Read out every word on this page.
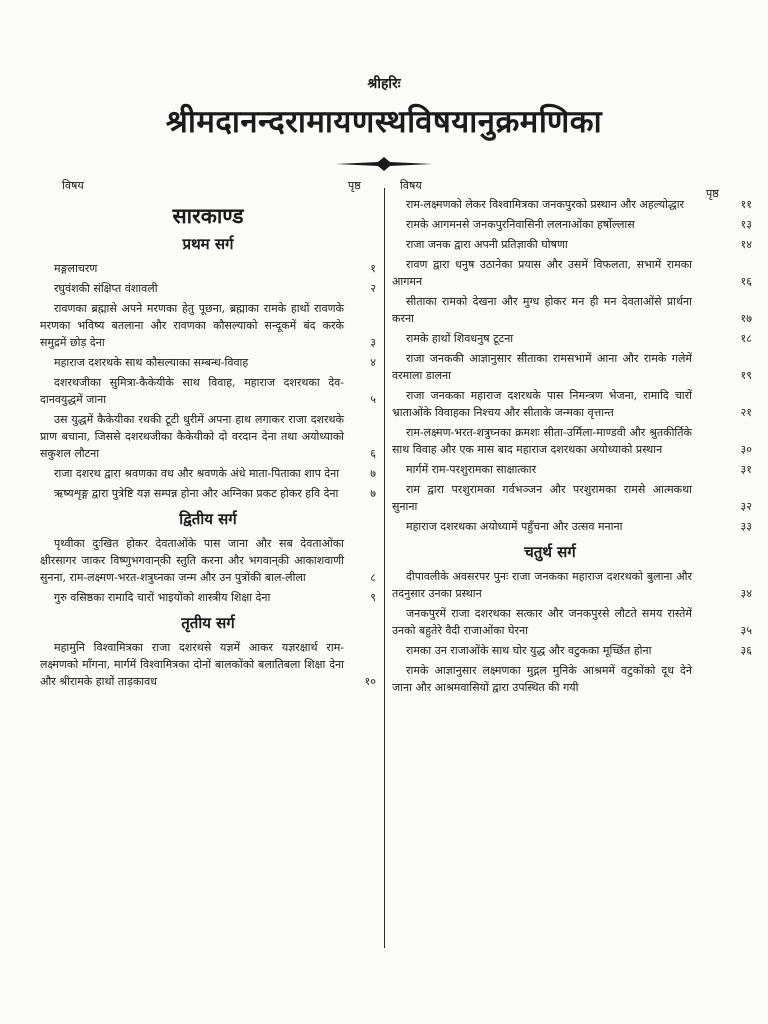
श्रीहरिः
श्रीमदानन्दरामायणस्थविषयानुक्रमणिका
विषय	पृष्ठ	विषय
पृष्ठ
सारकाण्ड
प्रथम सर्ग
मङ्गलाचरण	१
रघुवंशकी संक्षिप्त वंशावली	२
रावणका ब्रह्मासे अपने मरणका हेतु पूछना, ब्रह्माका रामके हाथों रावणके मरणका भविष्य बतलाना और रावणका कौसल्याको सन्दूकमें बंद करके समुद्रमें छोड़ देना	३
महाराज दशरथके साथ कौसल्याका सम्बन्ध-विवाह	४
दशरथजीका सुमित्रा-कैकेयीके साथ विवाह, महाराज दशरथका देव-दानवयुद्धमें जाना	५
उस युद्धमें कैकेयीका रथकी टूटी धुरीमें अपना हाथ लगाकर राजा दशरथके प्राण बचाना, जिससे दशरथजीका कैकेयीको दो वरदान देना तथा अयोध्याको सकुशल लौटना	६
राजा दशरथ द्वारा श्रवणका वध और श्रवणके अंधे माता-पिताका शाप देना	७
ऋष्यशृङ्ग द्वारा पुत्रेष्टि यज्ञ सम्पन्न होना और अग्निका प्रकट होकर हवि देना	७
द्वितीय सर्ग
पृथ्वीका दुःखित होकर देवताओंके पास जाना और सब देवताओंका क्षीरसागर जाकर विष्णुभगवान्‌की स्तुति करना और भगवान्‌की आकाशवाणी सुनना, राम-लक्ष्मण-भरत-शत्रुघ्नका जन्म और उन पुत्रोंकी बाल-लीला	८
गुरु वसिष्ठका रामादि चारों भाइयोंको शास्त्रीय शिक्षा देना	९
तृतीय सर्ग
महामुनि विश्वामित्रका राजा दशरथसे यज्ञमें आकर यज्ञरक्षार्थ राम-लक्ष्मणको माँगना, मार्गमें विश्वामित्रका दोनों बालकोंको बलातिबला शिक्षा देना और श्रीरामके हाथों ताड़कावध	१०
राम-लक्ष्मणको लेकर विश्वामित्रका जनकपुरको प्रस्थान और अहल्योद्धार	११
रामके आगमनसे जनकपुरनिवासिनी ललनाओंका हर्षोल्लास	१३
राजा जनक द्वारा अपनी प्रतिज्ञाकी घोषणा	१४
रावण द्वारा धनुष उठानेका प्रयास और उसमें विफलता, सभामें रामका आगमन	१६
सीताका रामको देखना और मुग्ध होकर मन ही मन देवताओंसे प्रार्थना करना	१७
रामके हाथों शिवधनुष टूटना	१८
राजा जनककी आज्ञानुसार सीताका रामसभामें आना और रामके गलेमें वरमाला डालना	१९
राजा जनकका महाराज दशरथके पास निमन्त्रण भेजना, रामादि चारों भ्राताओंके विवाहका निश्चय और सीताके जन्मका वृत्तान्त	२१
राम-लक्ष्मण-भरत-शत्रुघ्नका क्रमशः सीता-उर्मिला-माण्डवी और श्रुतकीर्तिके साथ विवाह और एक मास बाद महाराज दशरथका अयोध्याको प्रस्थान	३०
मार्गमें राम-परशुरामका साक्षात्कार	३१
राम द्वारा परशुरामका गर्वभञ्जन और परशुरामका रामसे आत्मकथा सुनाना	३२
महाराज दशरथका अयोध्यामें पहुँचना और उत्सव मनाना	३३
चतुर्थ सर्ग
दीपावलीके अवसरपर पुनः राजा जनकका महाराज दशरथको बुलाना और तदनुसार उनका प्रस्थान	३४
जनकपुरमें राजा दशरथका सत्कार और जनकपुरसे लौटते समय रास्तेमें उनको बहुतेरे वैदी राजाओंका घेरना	३५
रामका उन राजाओंके साथ घोर युद्ध और वटुकका मूर्च्छित होना	३६
रामके आज्ञानुसार लक्ष्मणका मुद्गल मुनिके आश्रममें वटुकोंको दूध देने जाना और आश्रमवासियों द्वारा उपस्थित की गयी
